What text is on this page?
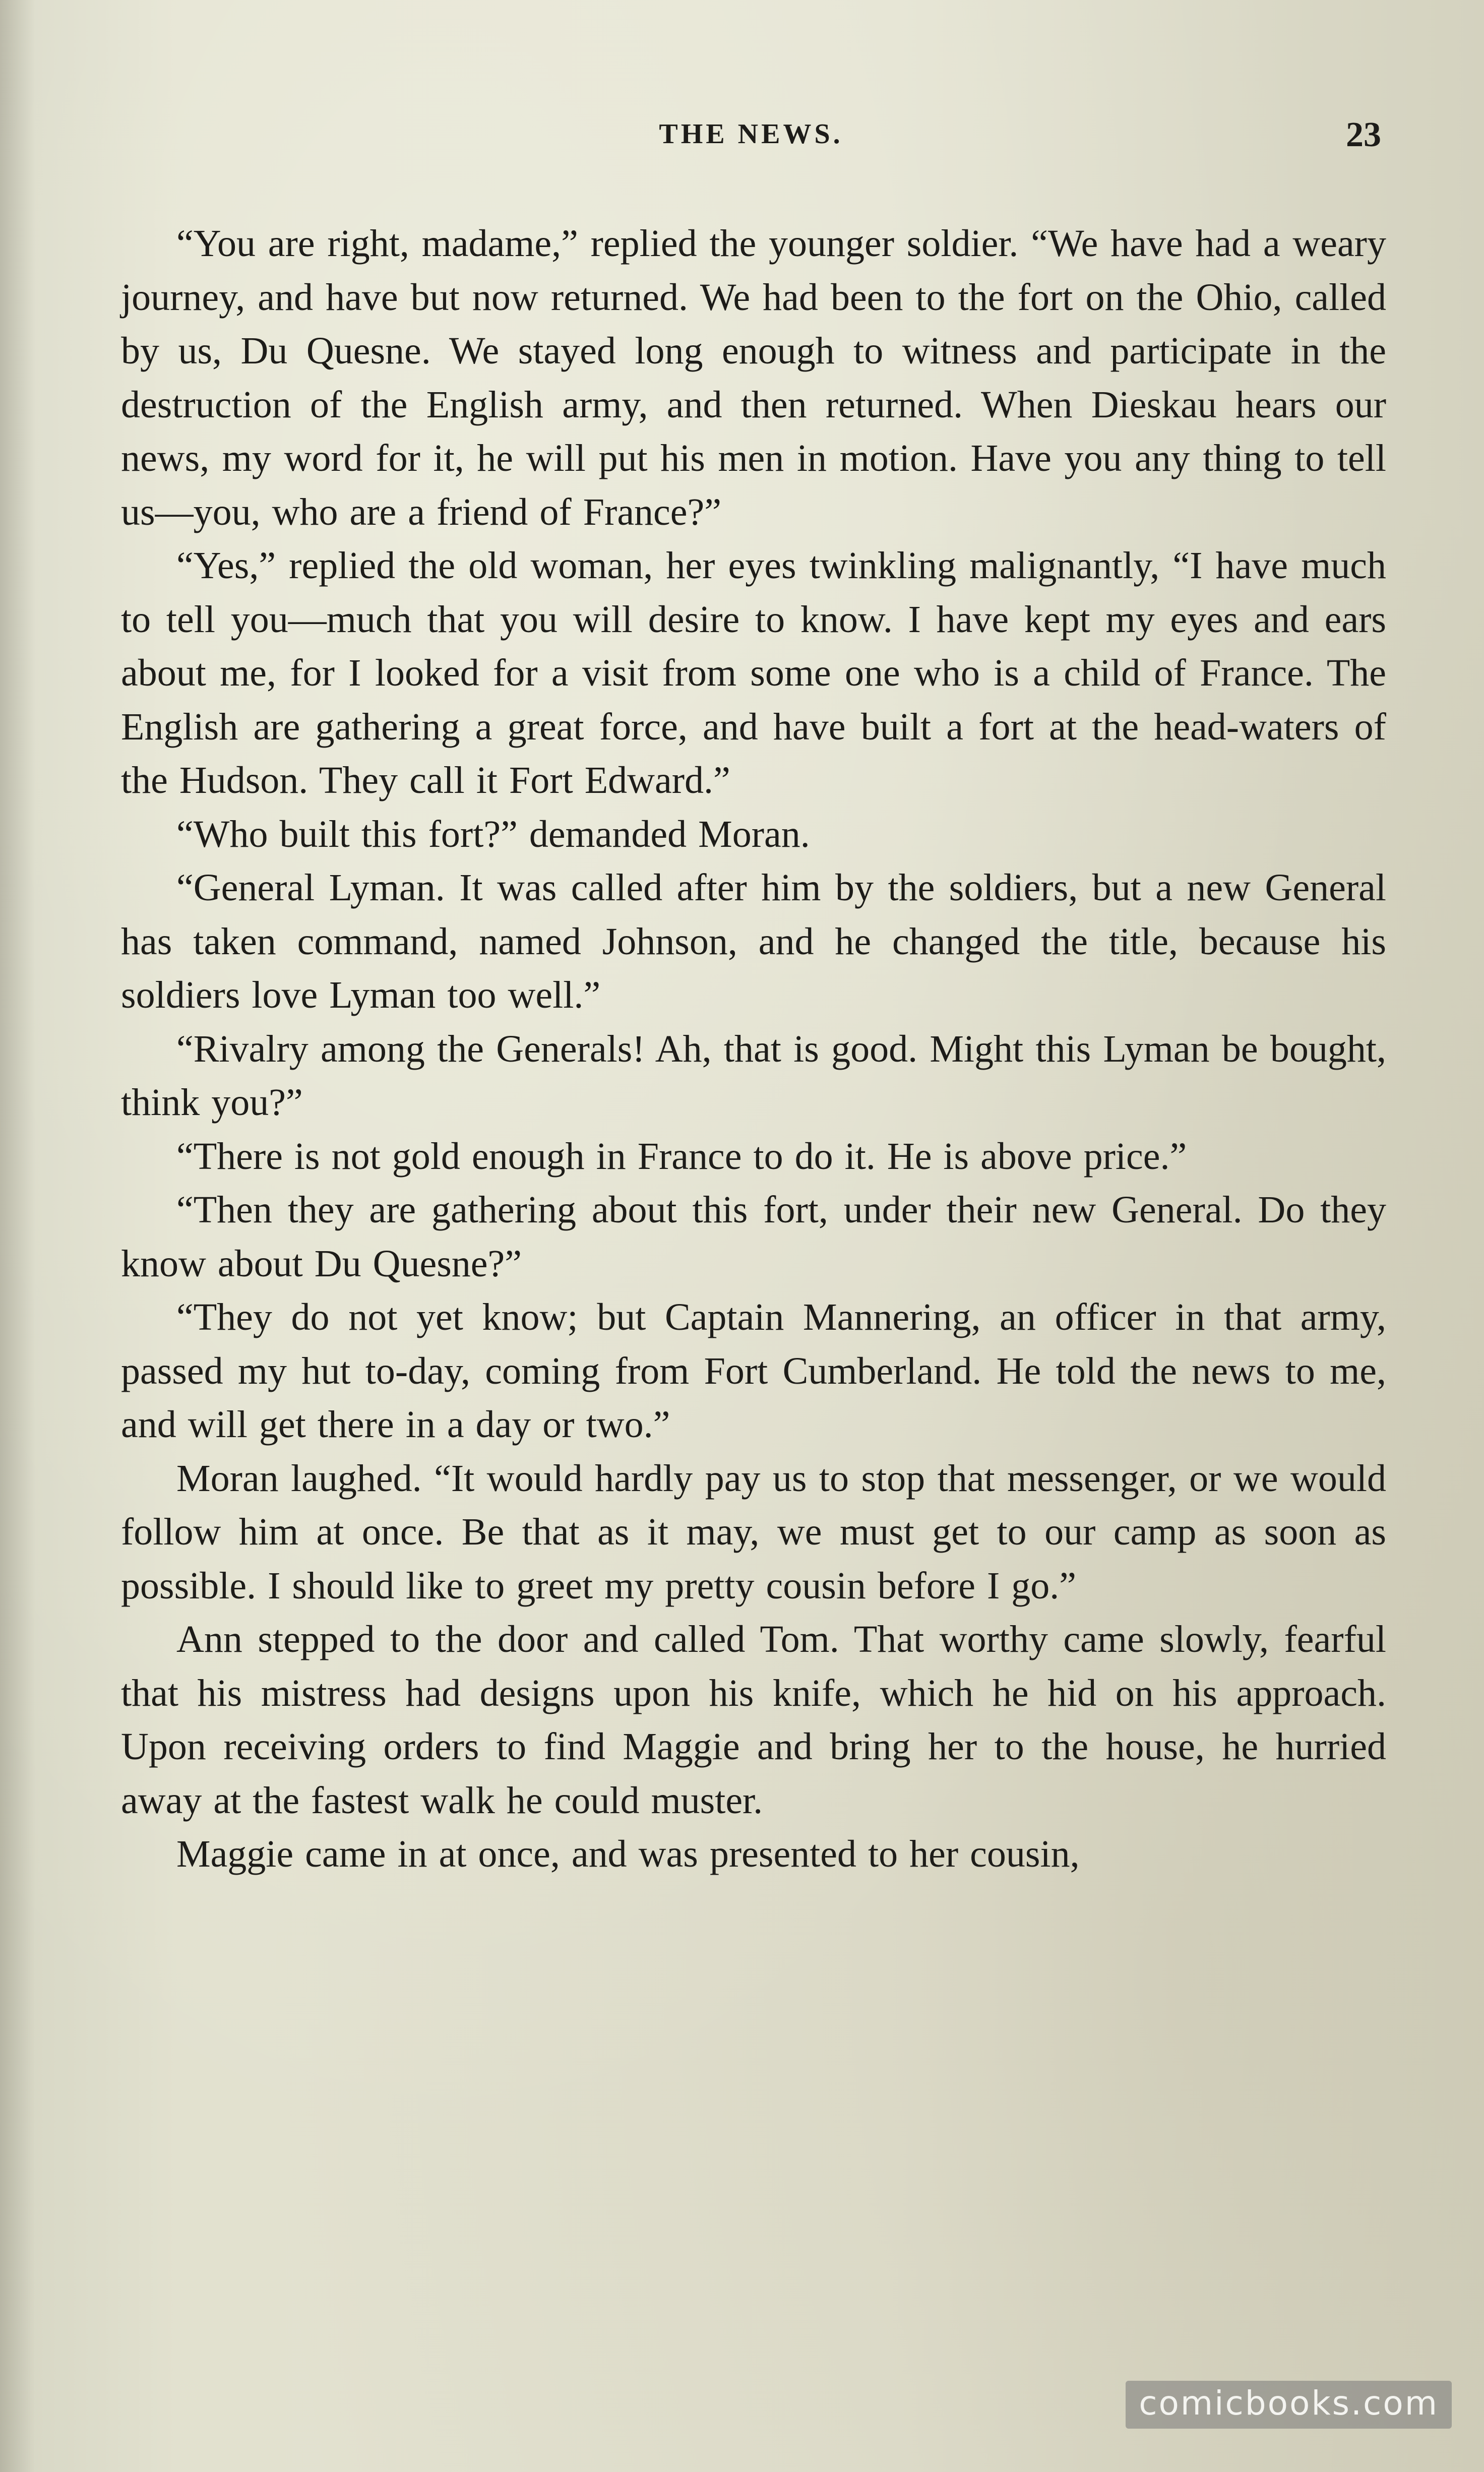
THE NEWS.	23

“You are right, madame,” replied the younger soldier. “We have had a weary journey, and have but now returned. We had been to the fort on the Ohio, called by us, Du Quesne. We stayed long enough to witness and participate in the destruction of the English army, and then returned. When Dieskau hears our news, my word for it, he will put his men in motion. Have you any thing to tell us—you, who are a friend of France?”

“Yes,” replied the old woman, her eyes twinkling malignantly, “I have much to tell you—much that you will desire to know. I have kept my eyes and ears about me, for I looked for a visit from some one who is a child of France. The English are gathering a great force, and have built a fort at the head-waters of the Hudson. They call it Fort Edward.”

“Who built this fort?” demanded Moran.

“General Lyman. It was called after him by the soldiers, but a new General has taken command, named Johnson, and he changed the title, because his soldiers love Lyman too well.”

“Rivalry among the Generals! Ah, that is good. Might this Lyman be bought, think you?”

“There is not gold enough in France to do it. He is above price.”

“Then they are gathering about this fort, under their new General. Do they know about Du Quesne?”

“They do not yet know; but Captain Mannering, an officer in that army, passed my hut to-day, coming from Fort Cumberland. He told the news to me, and will get there in a day or two.”

Moran laughed. “It would hardly pay us to stop that messenger, or we would follow him at once. Be that as it may, we must get to our camp as soon as possible. I should like to greet my pretty cousin before I go.”

Ann stepped to the door and called Tom. That worthy came slowly, fearful that his mistress had designs upon his knife, which he hid on his approach. Upon receiving orders to find Maggie and bring her to the house, he hurried away at the fastest walk he could muster.

Maggie came in at once, and was presented to her cousin,

comicbooks.com
